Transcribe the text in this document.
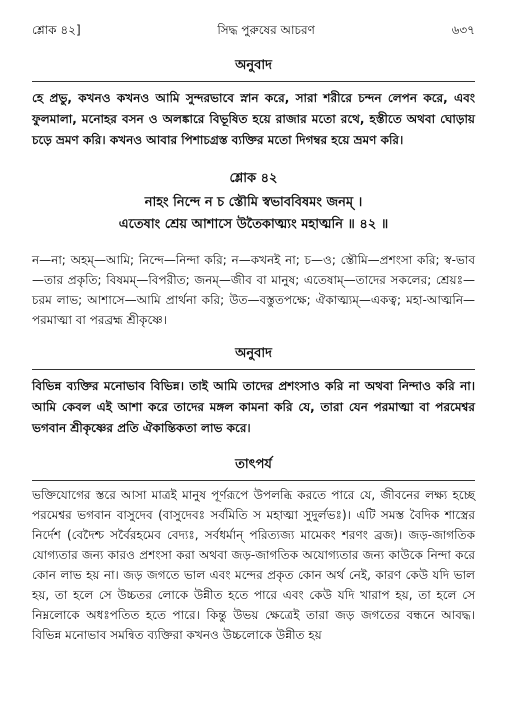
শ্লোক ৪২]	সিদ্ধ পুরুষের আচরণ	৬৩৭
অনুবাদ
হে প্রভু, কখনও কখনও আমি সুন্দরভাবে স্নান করে, সারা শরীরে চন্দন লেপন করে, এবং ফুলমালা, মনোহর বসন ও অলঙ্কারে বিভূষিত হয়ে রাজার মতো রথে, হস্তীতে অথবা ঘোড়ায় চড়ে ভ্রমণ করি। কখনও আবার পিশাচগ্রস্ত ব্যক্তির মতো দিগম্বর হয়ে ভ্রমণ করি।
শ্লোক ৪২
নাহং নিন্দে ন চ স্তৌমি স্বভাববিষমং জনম্‌ ।
এতেষাং শ্রেয় আশাসে উতৈকাত্ম্যং মহাত্মনি ॥ ৪২ ॥
ন—না; অহম্‌—আমি; নিন্দে—নিন্দা করি; ন—কখনই না; চ—ও; স্তৌমি—প্রশংসা করি; স্ব-ভাব—তার প্রকৃতি; বিষমম্‌—বিপরীত; জনম্‌—জীব বা মানুষ; এতেষাম্‌—তাদের সকলের; শ্রেয়ঃ—চরম লাভ; আশাসে—আমি প্রার্থনা করি; উত—বস্তুতপক্ষে; ঐকাত্ম্যম্‌—একত্ব; মহা-আত্মনি—পরমাত্মা বা পরব্রহ্ম শ্রীকৃষ্ণে।
অনুবাদ
বিভিন্ন ব্যক্তির মনোভাব বিভিন্ন। তাই আমি তাদের প্রশংসাও করি না অথবা নিন্দাও করি না। আমি কেবল এই আশা করে তাদের মঙ্গল কামনা করি যে, তারা যেন পরমাত্মা বা পরমেশ্বর ভগবান শ্রীকৃষ্ণের প্রতি ঐকান্তিকতা লাভ করে।
তাৎপর্য
ভক্তিযোগের স্তরে আসা মাত্রই মানুষ পূর্ণরূপে উপলব্ধি করতে পারে যে, জীবনের লক্ষ্য হচ্ছে পরমেশ্বর ভগবান বাসুদেব (বাসুদেবঃ সর্বমিতি স মহাত্মা সুদুর্লভঃ)। এটি সমস্ত বৈদিক শাস্ত্রের নির্দেশ (বেদৈশ্চ সর্বৈরহমেব বেদ্যঃ, সর্বধর্মান্ পরিত্যজ্য মামেকং শরণং ব্রজ)। জড়-জাগতিক যোগ্যতার জন্য কারও প্রশংসা করা অথবা জড়-জাগতিক অযোগ্যতার জন্য কাউকে নিন্দা করে কোন লাভ হয় না। জড় জগতে ভাল এবং মন্দের প্রকৃত কোন অর্থ নেই, কারণ কেউ যদি ভাল হয়, তা হলে সে উচ্চতর লোকে উন্নীত হতে পারে এবং কেউ যদি খারাপ হয়, তা হলে সে নিম্নলোকে অধঃপতিত হতে পারে। কিন্তু উভয় ক্ষেত্রেই তারা জড় জগতের বন্ধনে আবদ্ধ। বিভিন্ন মনোভাব সমন্বিত ব্যক্তিরা কখনও উচ্চলোকে উন্নীত হয়
